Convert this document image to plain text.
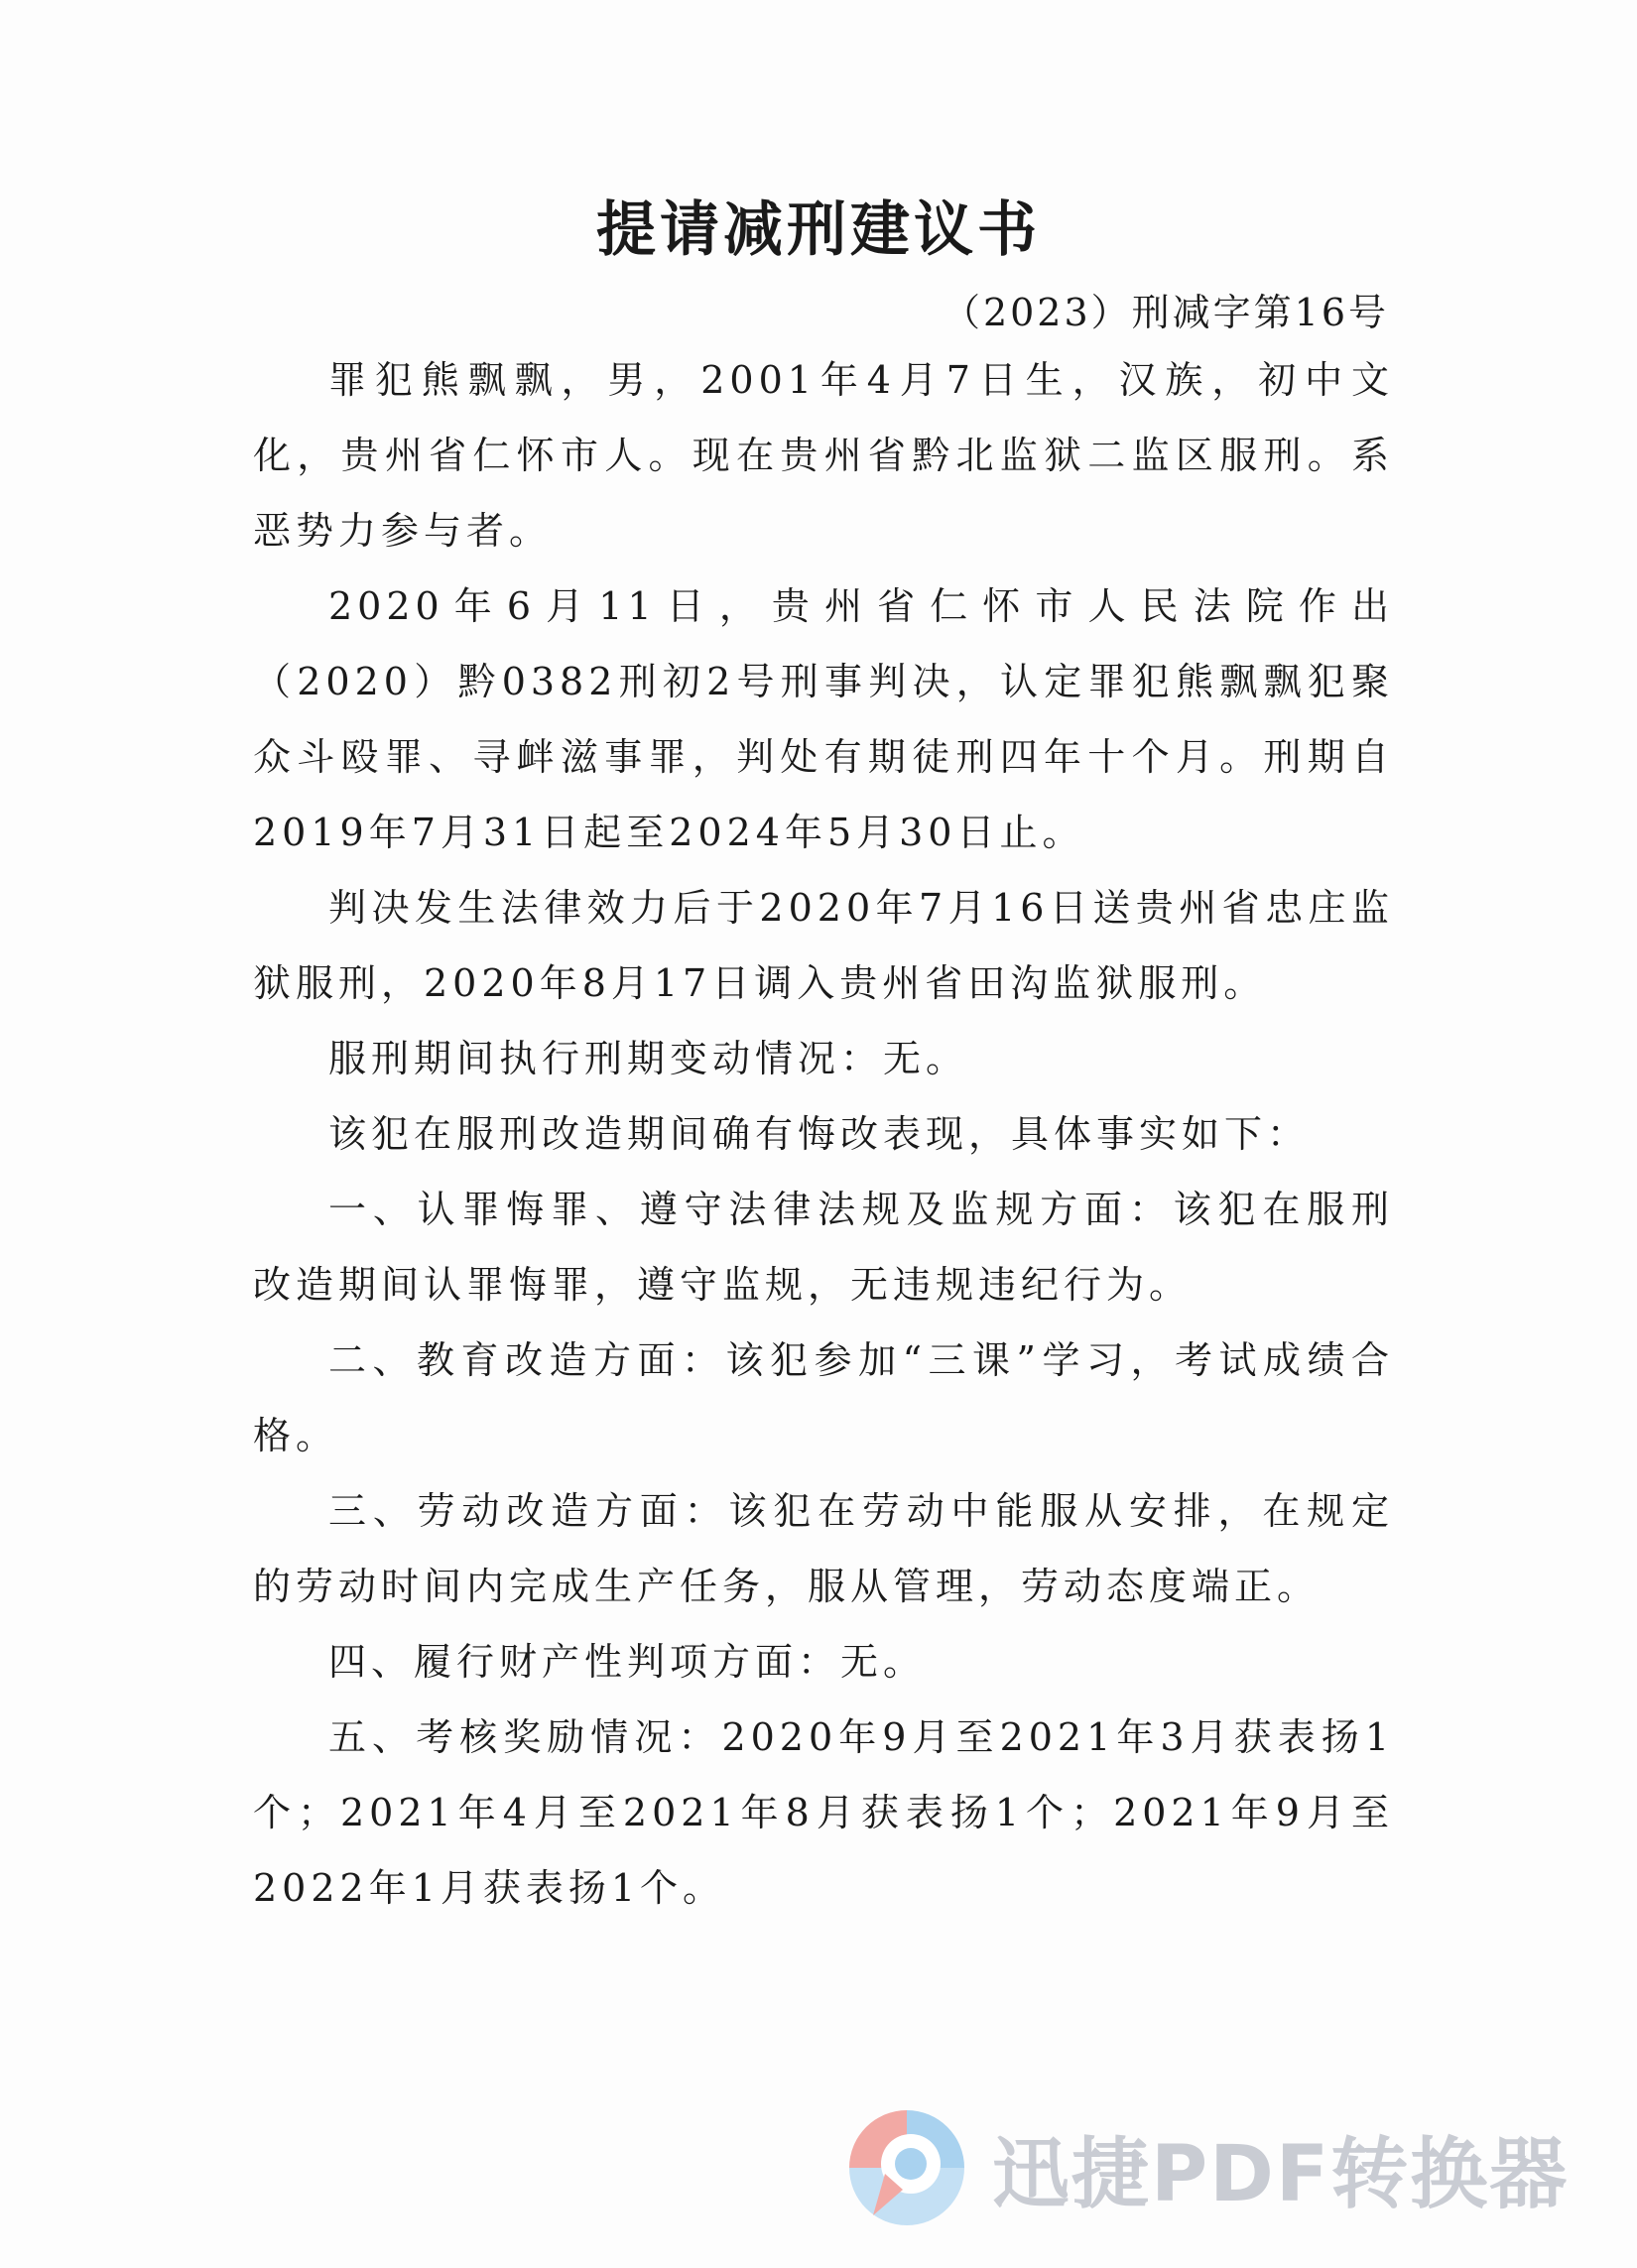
提请减刑建议书
（2023）刑减字第16号

罪犯熊飘飘，男，2001年4月7日生，汉族，初中文化，贵州省仁怀市人。现在贵州省黔北监狱二监区服刑。系恶势力参与者。

2020年6月11日，贵州省仁怀市人民法院作出（2020）黔0382刑初2号刑事判决，认定罪犯熊飘飘犯聚众斗殴罪、寻衅滋事罪，判处有期徒刑四年十个月。刑期自2019年7月31日起至2024年5月30日止。

判决发生法律效力后于2020年7月16日送贵州省忠庄监狱服刑，2020年8月17日调入贵州省田沟监狱服刑。

服刑期间执行刑期变动情况：无。

该犯在服刑改造期间确有悔改表现，具体事实如下：

一、认罪悔罪、遵守法律法规及监规方面：该犯在服刑改造期间认罪悔罪，遵守监规，无违规违纪行为。

二、教育改造方面：该犯参加“三课”学习，考试成绩合格。

三、劳动改造方面：该犯在劳动中能服从安排，在规定的劳动时间内完成生产任务，服从管理，劳动态度端正。

四、履行财产性判项方面：无。

五、考核奖励情况：2020年9月至2021年3月获表扬1个；2021年4月至2021年8月获表扬1个；2021年9月至2022年1月获表扬1个。

迅捷PDF转换器
